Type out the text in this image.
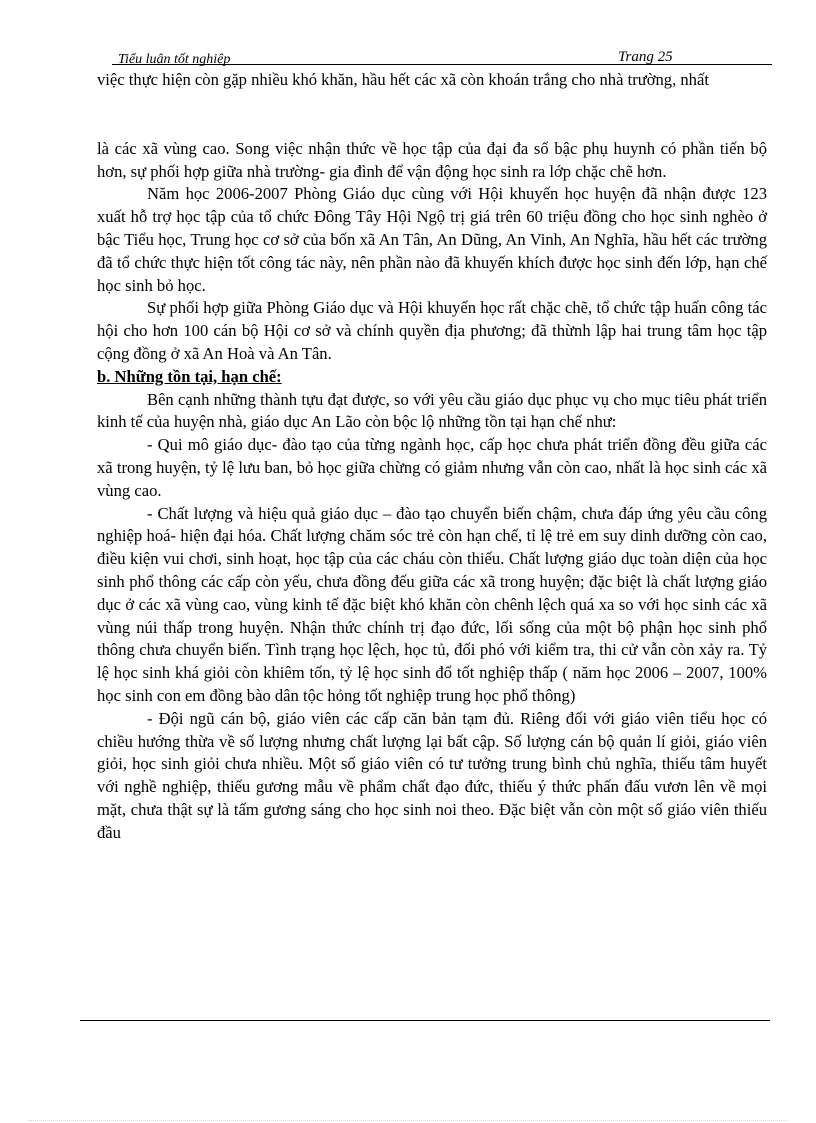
Tiểu luận tốt nghiệp	Trang 25

việc thực hiện còn gặp nhiều khó khăn, hầu hết các xã còn khoán trắng cho nhà trường, nhất

là các xã vùng cao. Song việc nhận thức về học tập của đại đa số bậc phụ huynh có phần tiến bộ hơn, sự phối hợp giữa nhà trường- gia đình để vận động học sinh ra lớp chặc chẽ hơn.

Năm học 2006-2007 Phòng Giáo dục cùng với Hội khuyến học huyện đã nhận được 123 xuất hỗ trợ học tập của tổ chức Đông Tây Hội Ngộ trị giá trên 60 triệu đồng cho học sinh nghèo ở bậc Tiểu học, Trung học cơ sở của bốn xã An Tân, An Dũng, An Vinh, An Nghĩa, hầu hết các trường đã tổ chức thực hiện tốt công tác này, nên phần nào đã khuyến khích được học sinh đến lớp, hạn chế học sinh bỏ học.

Sự phối hợp giữa Phòng Giáo dục và Hội khuyến học rất chặc chẽ, tổ chức tập huấn công tác hội cho hơn 100 cán bộ Hội cơ sở và chính quyền địa phương; đã thừnh lập hai trung tâm học tập cộng đồng ở xã An Hoà và An Tân.

b. Những tồn tại, hạn chế:

Bên cạnh những thành tựu đạt được, so với yêu cầu giáo dục phục vụ cho mục tiêu phát triển kinh tế của huyện nhà, giáo dục An Lão còn bộc lộ những tồn tại hạn chế như:

- Qui mô giáo dục- đào tạo của từng ngành học, cấp học chưa phát triển đồng đều giữa các xã trong huyện, tỷ lệ lưu ban, bỏ học giữa chừng có giảm nhưng vẫn còn cao, nhất là học sinh các xã vùng cao.

- Chất lượng và hiệu quả giáo dục – đào tạo chuyển biến chậm, chưa đáp ứng yêu cầu công nghiệp hoá- hiện đại hóa. Chất lượng chăm sóc trẻ còn hạn chế, tỉ lệ trẻ em suy dinh dưỡng còn cao, điều kiện vui chơi, sinh hoạt, học tập của các cháu còn thiếu. Chất lượng giáo dục toàn diện của học sinh phổ thông các cấp còn yếu, chưa đồng đếu giữa các xã trong huyện; đặc biệt là chất lượng giáo dục ở các xã vùng cao, vùng kinh tế đặc biệt khó khăn còn chênh lệch quá xa so với học sinh các xã vùng núi thấp trong huyện. Nhận thức chính trị đạo đức, lối sống của một bộ phận học sinh phổ thông chưa chuyển biến. Tình trạng học lệch, học tủ, đối phó với kiểm tra, thi cử vẫn còn xảy ra. Tỷ lệ học sinh khá giỏi còn khiêm tốn, tỷ lệ học sinh đổ tốt nghiệp thấp ( năm học 2006 – 2007, 100% học sinh con em đồng bào dân tộc hỏng tốt nghiệp trung học phổ thông)

- Đội ngũ cán bộ, giáo viên các cấp căn bản tạm đủ. Riêng đối với giáo viên tiểu học có chiều hướng thừa về số lượng nhưng chất lượng lại bất cập. Số lượng cán bộ quản lí giỏi, giáo viên giỏi, học sinh giỏi chưa nhiều. Một số giáo viên có tư tưởng trung bình chủ nghĩa, thiếu tâm huyết với nghề nghiệp, thiếu gương mẫu về phẩm chất đạo đức, thiếu ý thức phấn đấu vươn lên về mọi mặt, chưa thật sự là tấm gương sáng cho học sinh noi theo. Đặc biệt vẫn còn một số giáo viên thiếu đầu
